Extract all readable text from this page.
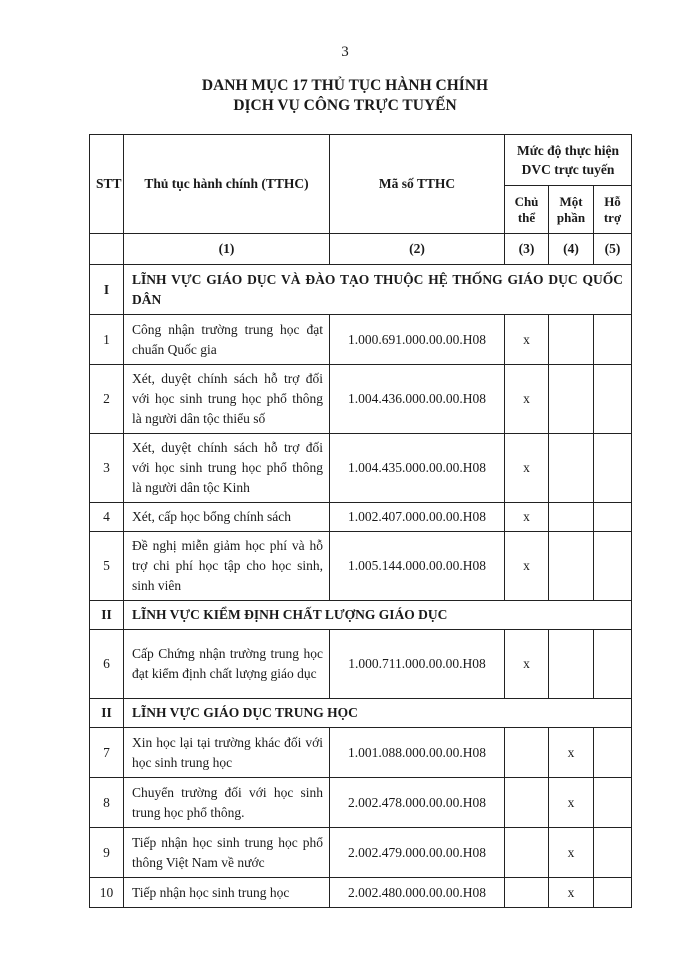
3
DANH MỤC 17 THỦ TỤC HÀNH CHÍNH
DỊCH VỤ CÔNG TRỰC TUYẾN
STT	Thủ tục hành chính (TTHC)	Mã số TTHC	Mức độ thực hiện DVC trực tuyến		
			Chủ thể	Một phần	Hỗ trợ
	(1)	(2)	(3)	(4)	(5)
I	LĨNH VỰC GIÁO DỤC VÀ ĐÀO TẠO THUỘC HỆ THỐNG GIÁO DỤC QUỐC DÂN				
1	Công nhận trường trung học đạt chuẩn Quốc gia	1.000.691.000.00.00.H08	x		
2	Xét, duyệt chính sách hỗ trợ đối với học sinh trung học phổ thông là người dân tộc thiểu số	1.004.436.000.00.00.H08	x		
3	Xét, duyệt chính sách hỗ trợ đối với học sinh trung học phổ thông là người dân tộc Kinh	1.004.435.000.00.00.H08	x		
4	Xét, cấp học bổng chính sách	1.002.407.000.00.00.H08	x		
5	Đề nghị miễn giảm học phí và hỗ trợ chi phí học tập cho học sinh, sinh viên	1.005.144.000.00.00.H08	x		
II	LĨNH VỰC KIỂM ĐỊNH CHẤT LƯỢNG GIÁO DỤC				
6	Cấp Chứng nhận trường trung học đạt kiểm định chất lượng giáo dục	1.000.711.000.00.00.H08	x		
II	LĨNH VỰC GIÁO DỤC TRUNG HỌC				
7	Xin học lại tại trường khác đối với học sinh trung học	1.001.088.000.00.00.H08		x	
8	Chuyển trường đối với học sinh trung học phổ thông.	2.002.478.000.00.00.H08		x	
9	Tiếp nhận học sinh trung học phổ thông Việt Nam về nước	2.002.479.000.00.00.H08		x	
10	Tiếp nhận học sinh trung học	2.002.480.000.00.00.H08		x	
